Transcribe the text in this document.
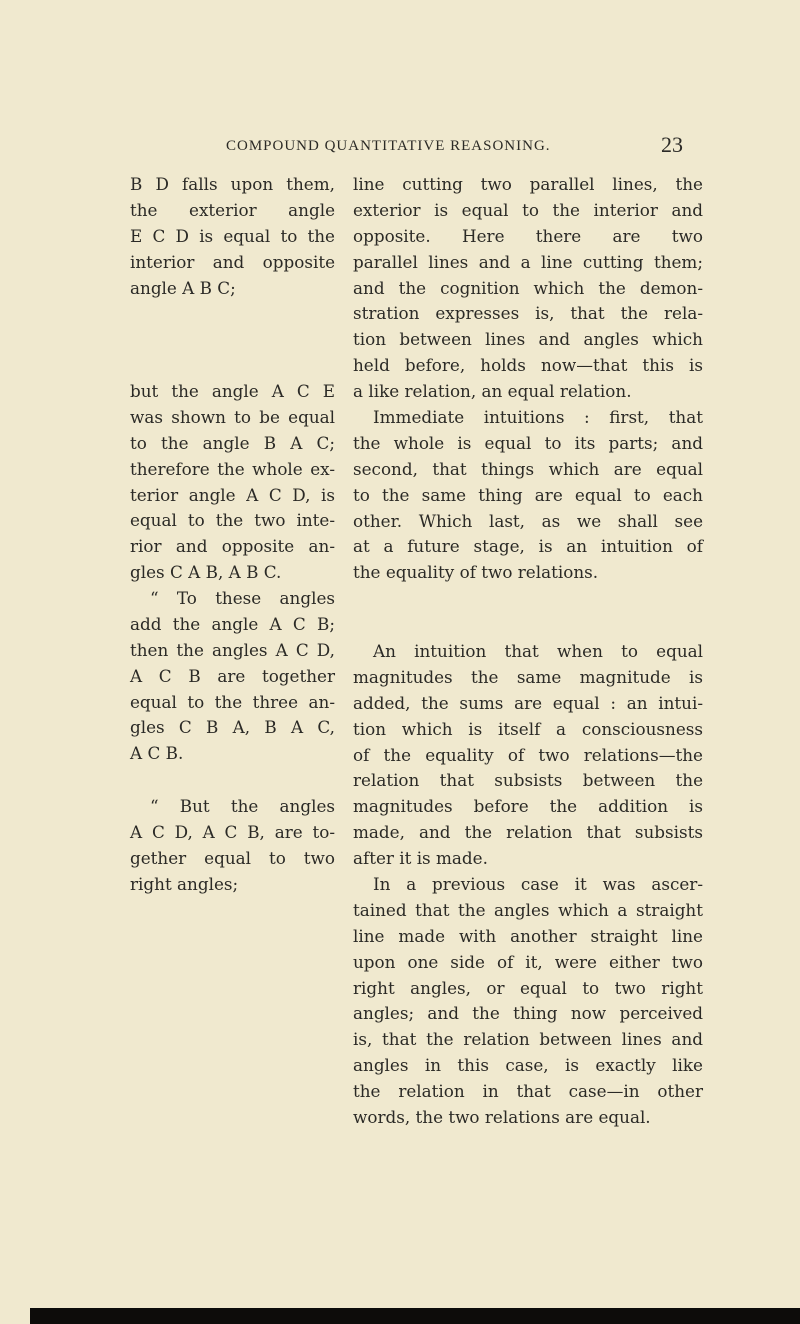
COMPOUND QUANTITATIVE REASONING.	23
B D falls upon them,
the exterior angle
E C D is equal to the
interior and opposite
angle A B C;
but the angle A C E
was shown to be equal
to the angle B A C;
therefore the whole ex-
terior angle A C D, is
equal to the two inte-
rior and opposite an-
gles C A B, A B C.
“ To these angles
add the angle A C B;
then the angles A C D,
A C B are together
equal to the three an-
gles C B A, B A C,
A C B.
“ But the angles
A C D, A C B, are to-
gether equal to two
right angles;
line cutting two parallel lines, the
exterior is equal to the interior and
opposite. Here there are two
parallel lines and a line cutting them;
and the cognition which the demon-
stration expresses is, that the rela-
tion between lines and angles which
held before, holds now—that this is
a like relation, an equal relation.
Immediate intuitions : first, that
the whole is equal to its parts; and
second, that things which are equal
to the same thing are equal to each
other. Which last, as we shall see
at a future stage, is an intuition of
the equality of two relations.
An intuition that when to equal
magnitudes the same magnitude is
added, the sums are equal : an intui-
tion which is itself a consciousness
of the equality of two relations—the
relation that subsists between the
magnitudes before the addition is
made, and the relation that subsists
after it is made.
In a previous case it was ascer-
tained that the angles which a straight
line made with another straight line
upon one side of it, were either two
right angles, or equal to two right
angles; and the thing now perceived
is, that the relation between lines and
angles in this case, is exactly like
the relation in that case—in other
words, the two relations are equal.
